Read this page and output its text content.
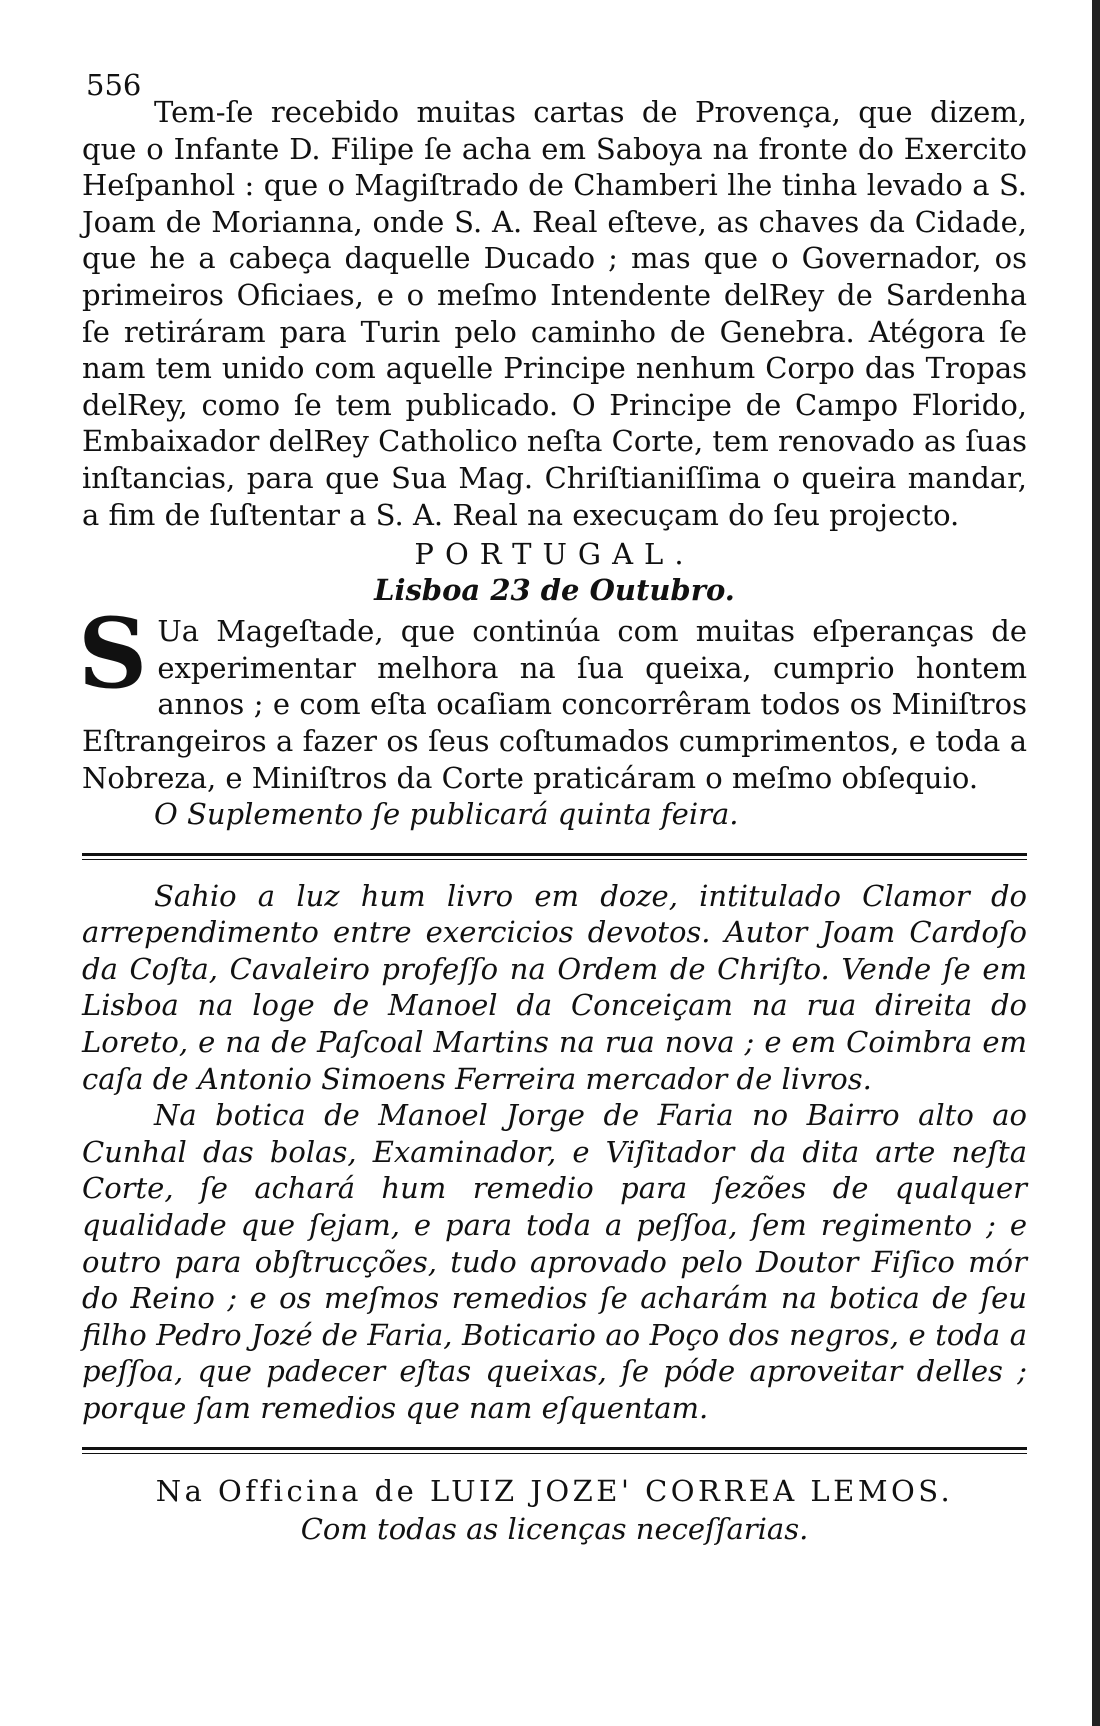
556

Tem-ſe recebido muitas cartas de Provença, que dizem, que o Infante D. Filipe ſe acha em Saboya na fronte do Exercito Heſpanhol : que o Magiſtrado de Chamberi lhe tinha levado a S. Joam de Morianna, onde S. A. Real eſteve, as chaves da Cidade, que he a cabeça daquelle Ducado ; mas que o Governador, os primeiros Oficiaes, e o meſmo Intendente delRey de Sardenha ſe retiráram para Turin pelo caminho de Genebra. Atégora ſe nam tem unido com aquelle Principe nenhum Corpo das Tropas delRey, como ſe tem publicado. O Principe de Campo Florido, Embaixador delRey Catholico neſta Corte, tem renovado as ſuas inſtancias, para que Sua Mag. Chriſtianiſſima o queira mandar, a fim de ſuſtentar a S. A. Real na execuçam do ſeu projecto.

PORTUGAL.
Lisboa 23 de Outubro.
S Ua Mageſtade, que continúa com muitas eſperanças de experimentar melhora na ſua queixa, cumprio hontem annos ; e com eſta ocaſiam concorrêram todos os Miniſtros Eſtrangeiros a fazer os ſeus coſtumados cumprimentos, e toda a Nobreza, e Miniſtros da Corte praticáram o meſmo obſequio.

O Suplemento ſe publicará quinta feira.

Sahio a luz hum livro em doze, intitulado Clamor do arrependimento entre exercicios devotos. Autor Joam Cardoſo da Coſta, Cavaleiro profeſſo na Ordem de Chriſto. Vende ſe em Lisboa na loge de Manoel da Conceiçam na rua direita do Loreto, e na de Paſcoal Martins na rua nova ; e em Coimbra em caſa de Antonio Simoens Ferreira mercador de livros.

Na botica de Manoel Jorge de Faria no Bairro alto ao Cunhal das bolas, Examinador, e Viſitador da dita arte neſta Corte, ſe achará hum remedio para ſezões de qualquer qualidade que ſejam, e para toda a peſſoa, ſem regimento ; e outro para obſtrucções, tudo aprovado pelo Doutor Fiſico mór do Reino ; e os meſmos remedios ſe acharám na botica de ſeu filho Pedro Jozé de Faria, Boticario ao Poço dos negros, e toda a peſſoa, que padecer eſtas queixas, ſe póde aproveitar delles ; porque ſam remedios que nam eſquentam.

Na Officina de LUIZ JOZE' CORREA LEMOS.
Com todas as licenças neceſſarias.
